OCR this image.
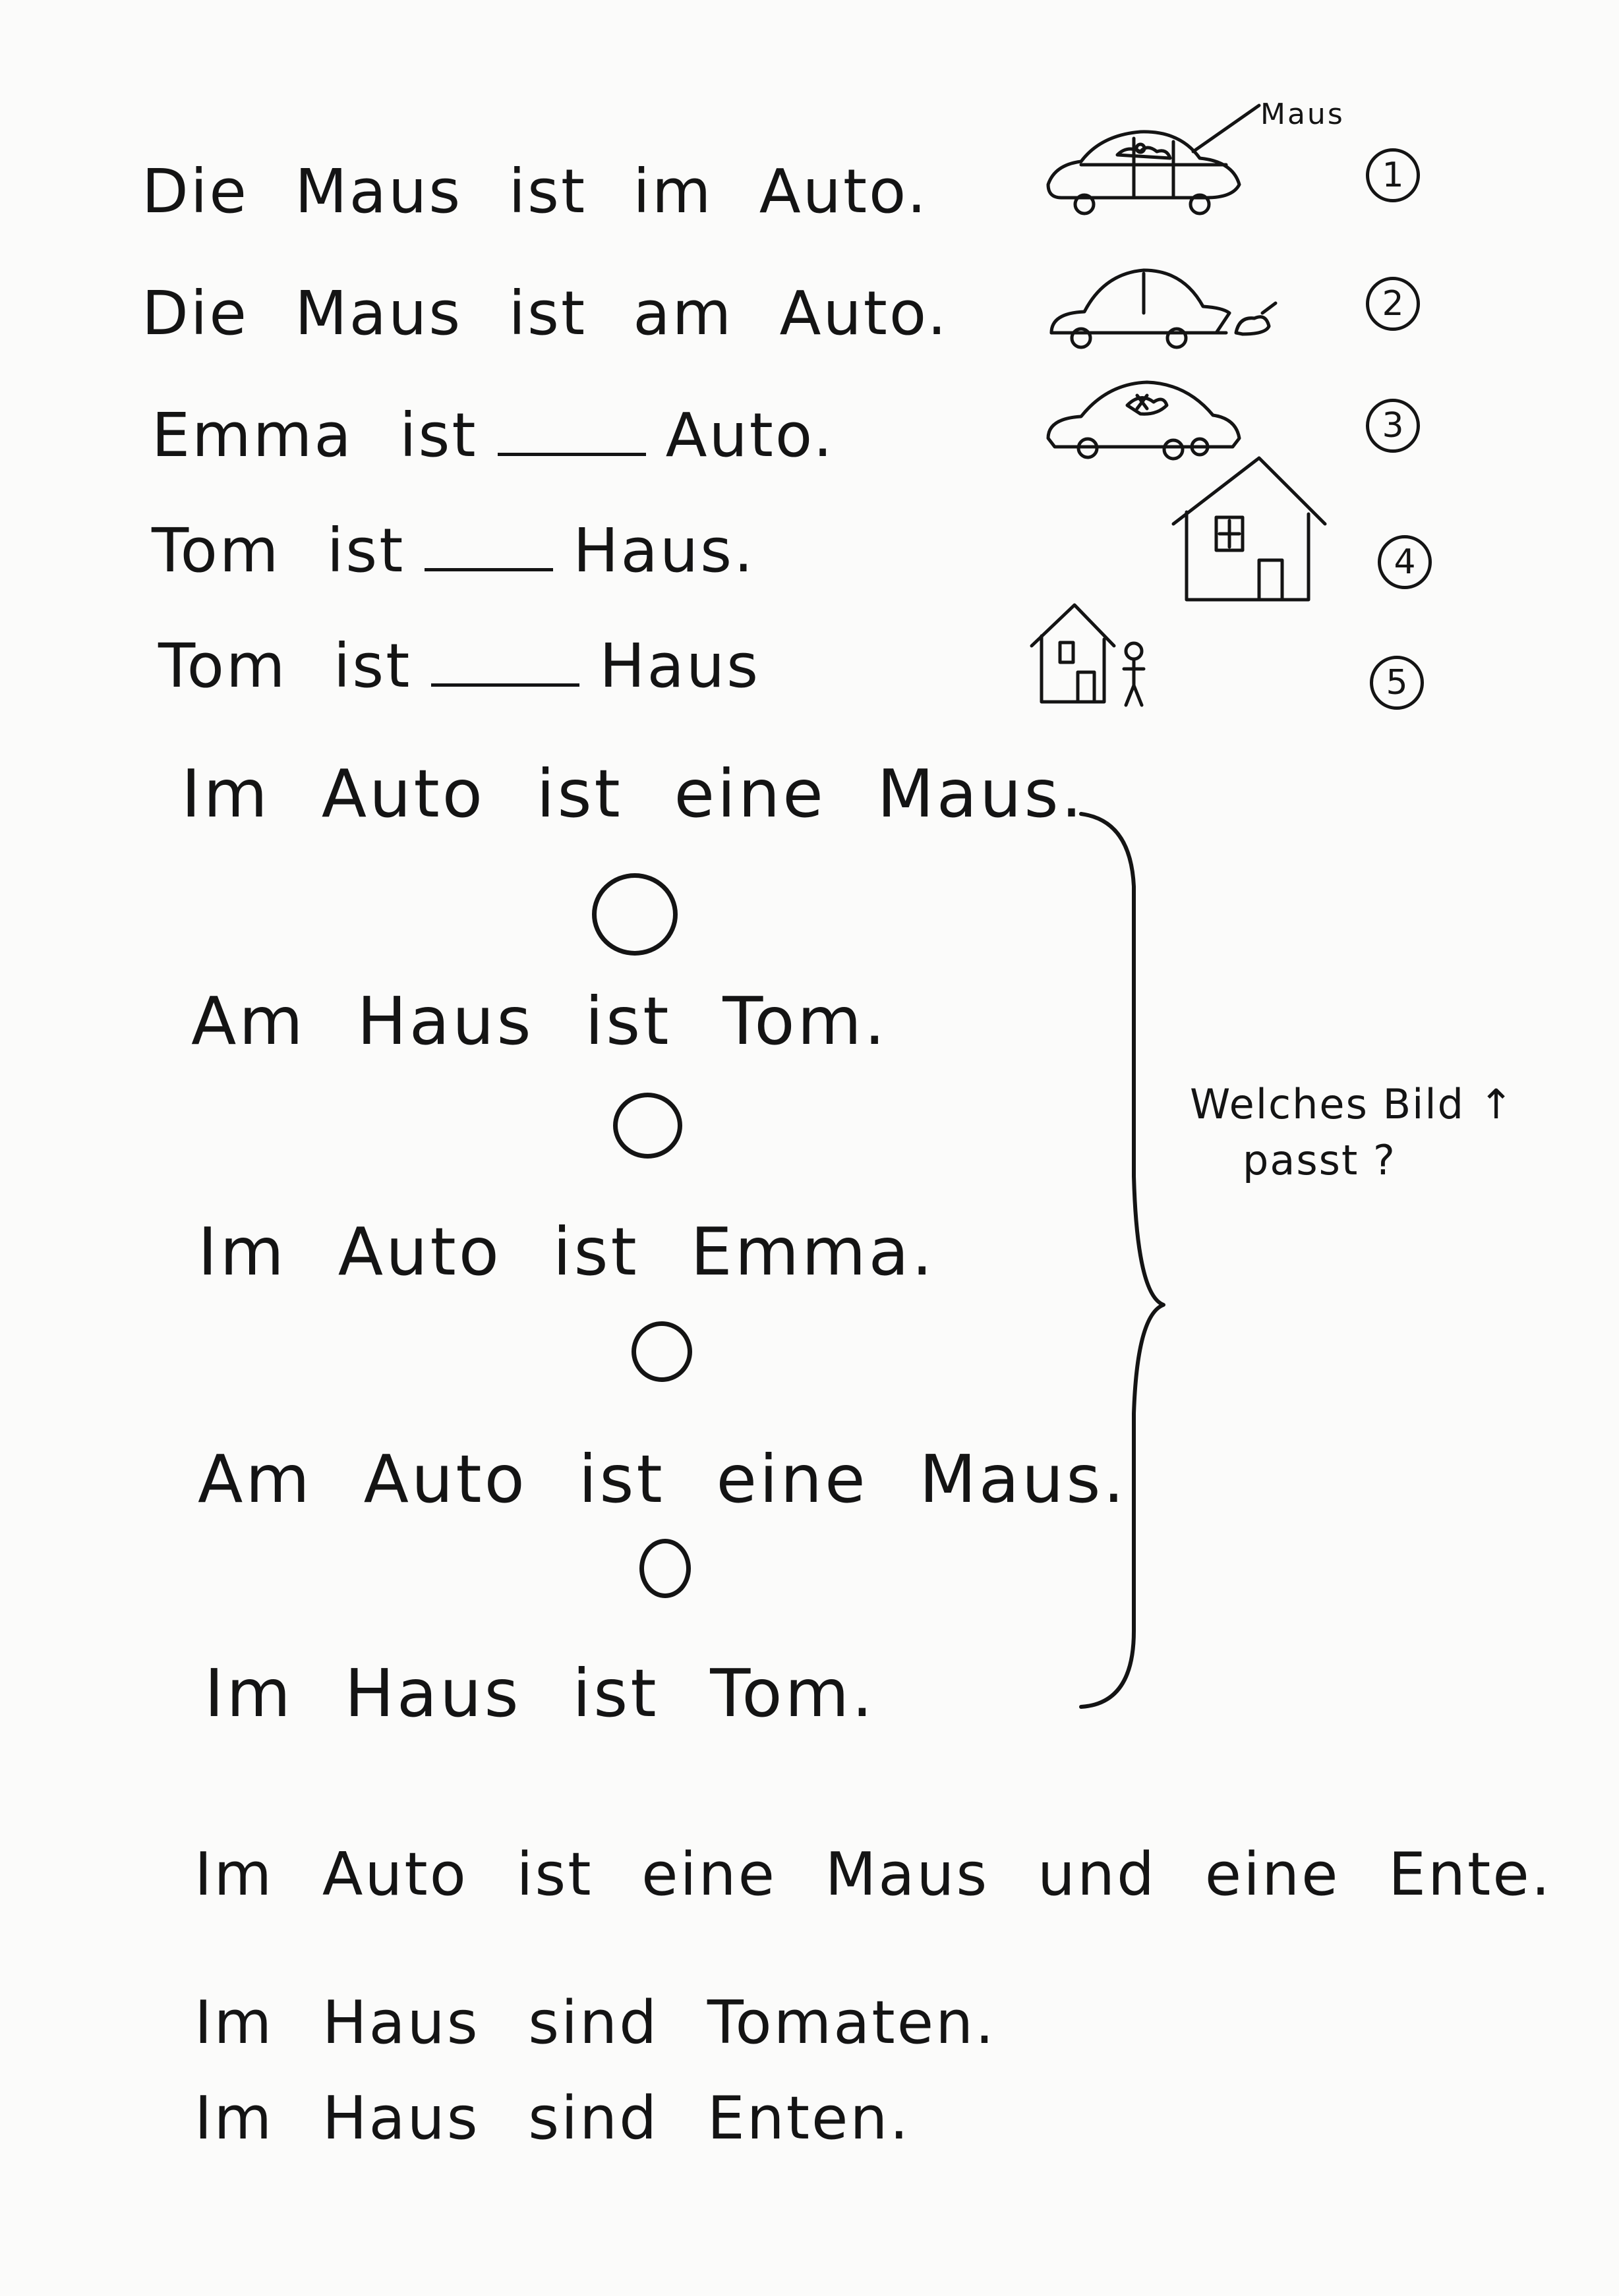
Die Maus ist im Auto.
Die Maus ist am Auto.
Emma ist	Auto.
Tom ist	Haus.
Tom ist	Haus
Maus
1
2
3
4
5
Im Auto ist eine Maus.
Am Haus ist Tom.
Im Auto ist Emma.
Am Auto ist eine Maus.
Im Haus ist Tom.
Welches Bild ↑
passt ?
Im Auto ist eine Maus und eine Ente.
Im Haus sind Tomaten.
Im Haus sind Enten.
